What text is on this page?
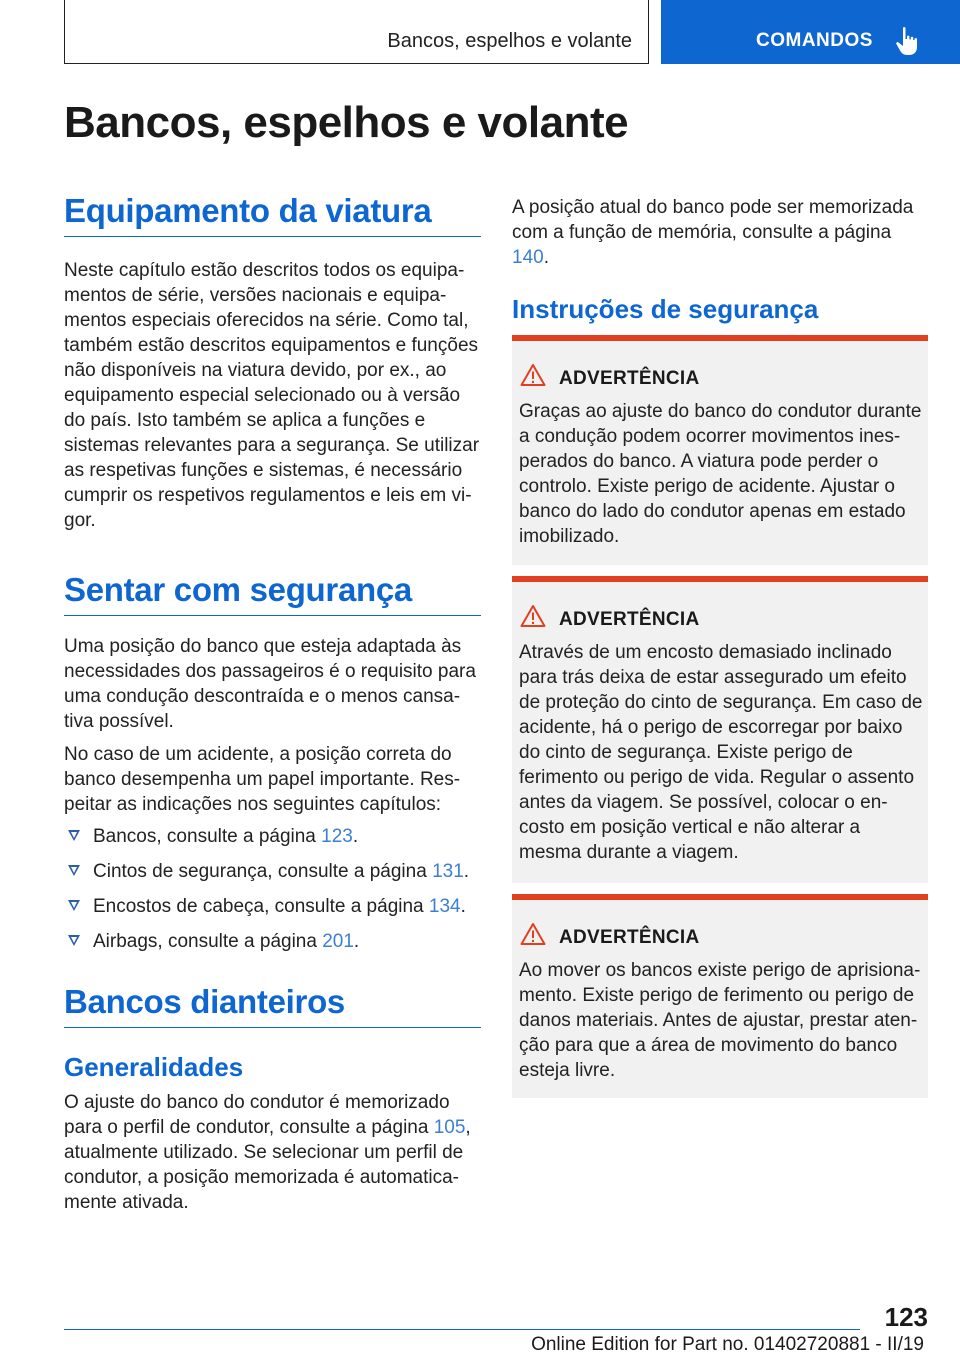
Bancos, espelhos e volante	COMANDOS
Bancos, espelhos e volante
Equipamento da viatura

Neste capítulo estão descritos todos os equipamentos de série, versões nacionais e equipamentos especiais oferecidos na série. Como tal, também estão descritos equipamentos e funções não disponíveis na viatura devido, por ex., ao equipamento especial selecionado ou à versão do país. Isto também se aplica a funções e sistemas relevantes para a segurança. Se utilizar as respetivas funções e sistemas, é necessário cumprir os respetivos regulamentos e leis em vigor.

Sentar com segurança

Uma posição do banco que esteja adaptada às necessidades dos passageiros é o requisito para uma condução descontraída e o menos cansativa possível.

No caso de um acidente, a posição correta do banco desempenha um papel importante. Respeitar as indicações nos seguintes capítulos:

Bancos, consulte a página 123.
Cintos de segurança, consulte a página 131.
Encostos de cabeça, consulte a página 134.
Airbags, consulte a página 201.
Bancos dianteiros
Generalidades

O ajuste do banco do condutor é memorizado para o perfil de condutor, consulte a página 105, atualmente utilizado. Se selecionar um perfil de condutor, a posição memorizada é automaticamente ativada.

A posição atual do banco pode ser memorizada com a função de memória, consulte a página 140.

Instruções de segurança
ADVERTÊNCIA

Graças ao ajuste do banco do condutor durante a condução podem ocorrer movimentos inesperados do banco. A viatura pode perder o controlo. Existe perigo de acidente. Ajustar o banco do lado do condutor apenas em estado imobilizado.

ADVERTÊNCIA

Através de um encosto demasiado inclinado para trás deixa de estar assegurado um efeito de proteção do cinto de segurança. Em caso de acidente, há o perigo de escorregar por baixo do cinto de segurança. Existe perigo de ferimento ou perigo de vida. Regular o assento antes da viagem. Se possível, colocar o encosto em posição vertical e não alterar a mesma durante a viagem.

ADVERTÊNCIA

Ao mover os bancos existe perigo de aprisionamento. Existe perigo de ferimento ou perigo de danos materiais. Antes de ajustar, prestar atenção para que a área de movimento do banco esteja livre.

123
Online Edition for Part no. 01402720881 - II/19
